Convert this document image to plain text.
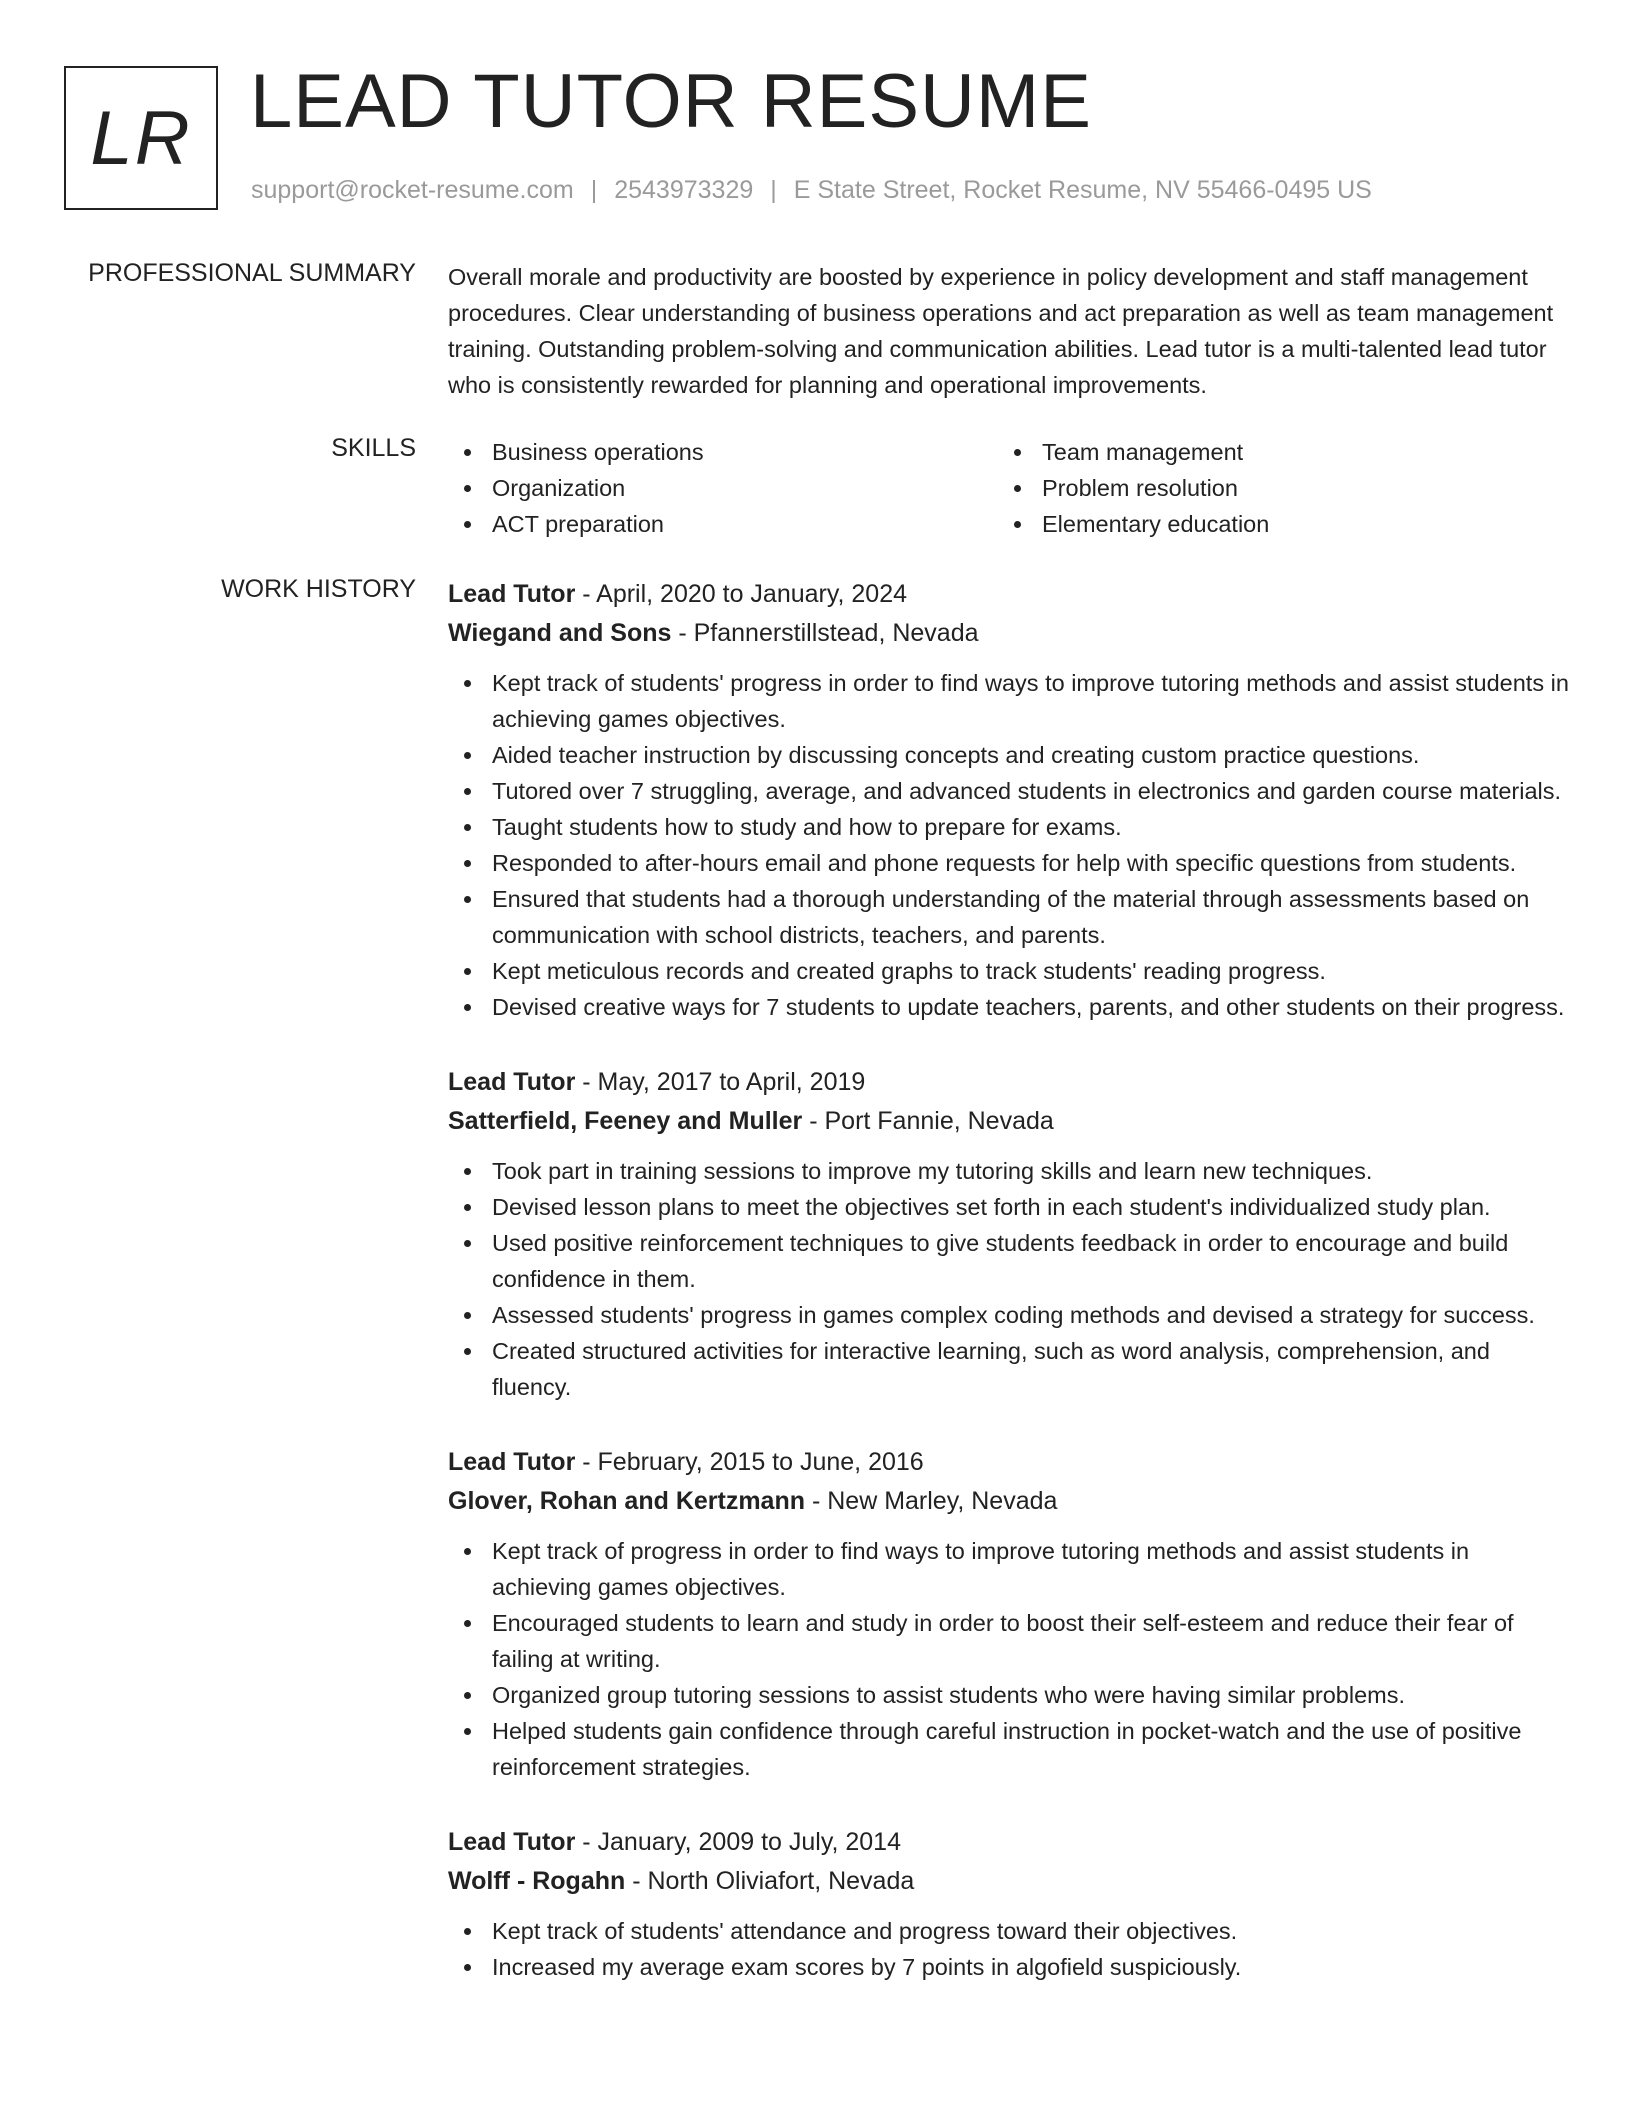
LR LEAD TUTOR RESUME
support@rocket-resume.com | 2543973329 | E State Street, Rocket Resume, NV 55466-0495 US
PROFESSIONAL SUMMARY Overall morale and productivity are boosted by experience in policy development and staff management procedures. Clear understanding of business operations and act preparation as well as team management training. Outstanding problem-solving and communication abilities. Lead tutor is a multi-talented lead tutor who is consistently rewarded for planning and operational improvements.

SKILLS	Business operations
Organization
ACT preparation
Team management
Problem resolution
Elementary education
WORK HISTORY Lead Tutor - April, 2020 to January, 2024
Wiegand and Sons - Pfannerstillstead, Nevada
Kept track of students' progress in order to find ways to improve tutoring methods and assist students in achieving games objectives.
Aided teacher instruction by discussing concepts and creating custom practice questions.
Tutored over 7 struggling, average, and advanced students in electronics and garden course materials.
Taught students how to study and how to prepare for exams.
Responded to after-hours email and phone requests for help with specific questions from students.
Ensured that students had a thorough understanding of the material through assessments based on communication with school districts, teachers, and parents.
Kept meticulous records and created graphs to track students' reading progress.
Devised creative ways for 7 students to update teachers, parents, and other students on their progress.
Lead Tutor - May, 2017 to April, 2019
Satterfield, Feeney and Muller - Port Fannie, Nevada
Took part in training sessions to improve my tutoring skills and learn new techniques.
Devised lesson plans to meet the objectives set forth in each student's individualized study plan.
Used positive reinforcement techniques to give students feedback in order to encourage and build confidence in them.
Assessed students' progress in games complex coding methods and devised a strategy for success.
Created structured activities for interactive learning, such as word analysis, comprehension, and fluency.
Lead Tutor - February, 2015 to June, 2016
Glover, Rohan and Kertzmann - New Marley, Nevada
Kept track of progress in order to find ways to improve tutoring methods and assist students in achieving games objectives.
Encouraged students to learn and study in order to boost their self-esteem and reduce their fear of failing at writing.
Organized group tutoring sessions to assist students who were having similar problems.
Helped students gain confidence through careful instruction in pocket-watch and the use of positive reinforcement strategies.
Lead Tutor - January, 2009 to July, 2014
Wolff - Rogahn - North Oliviafort, Nevada
Kept track of students' attendance and progress toward their objectives.
Increased my average exam scores by 7 points in algofield suspiciously.
